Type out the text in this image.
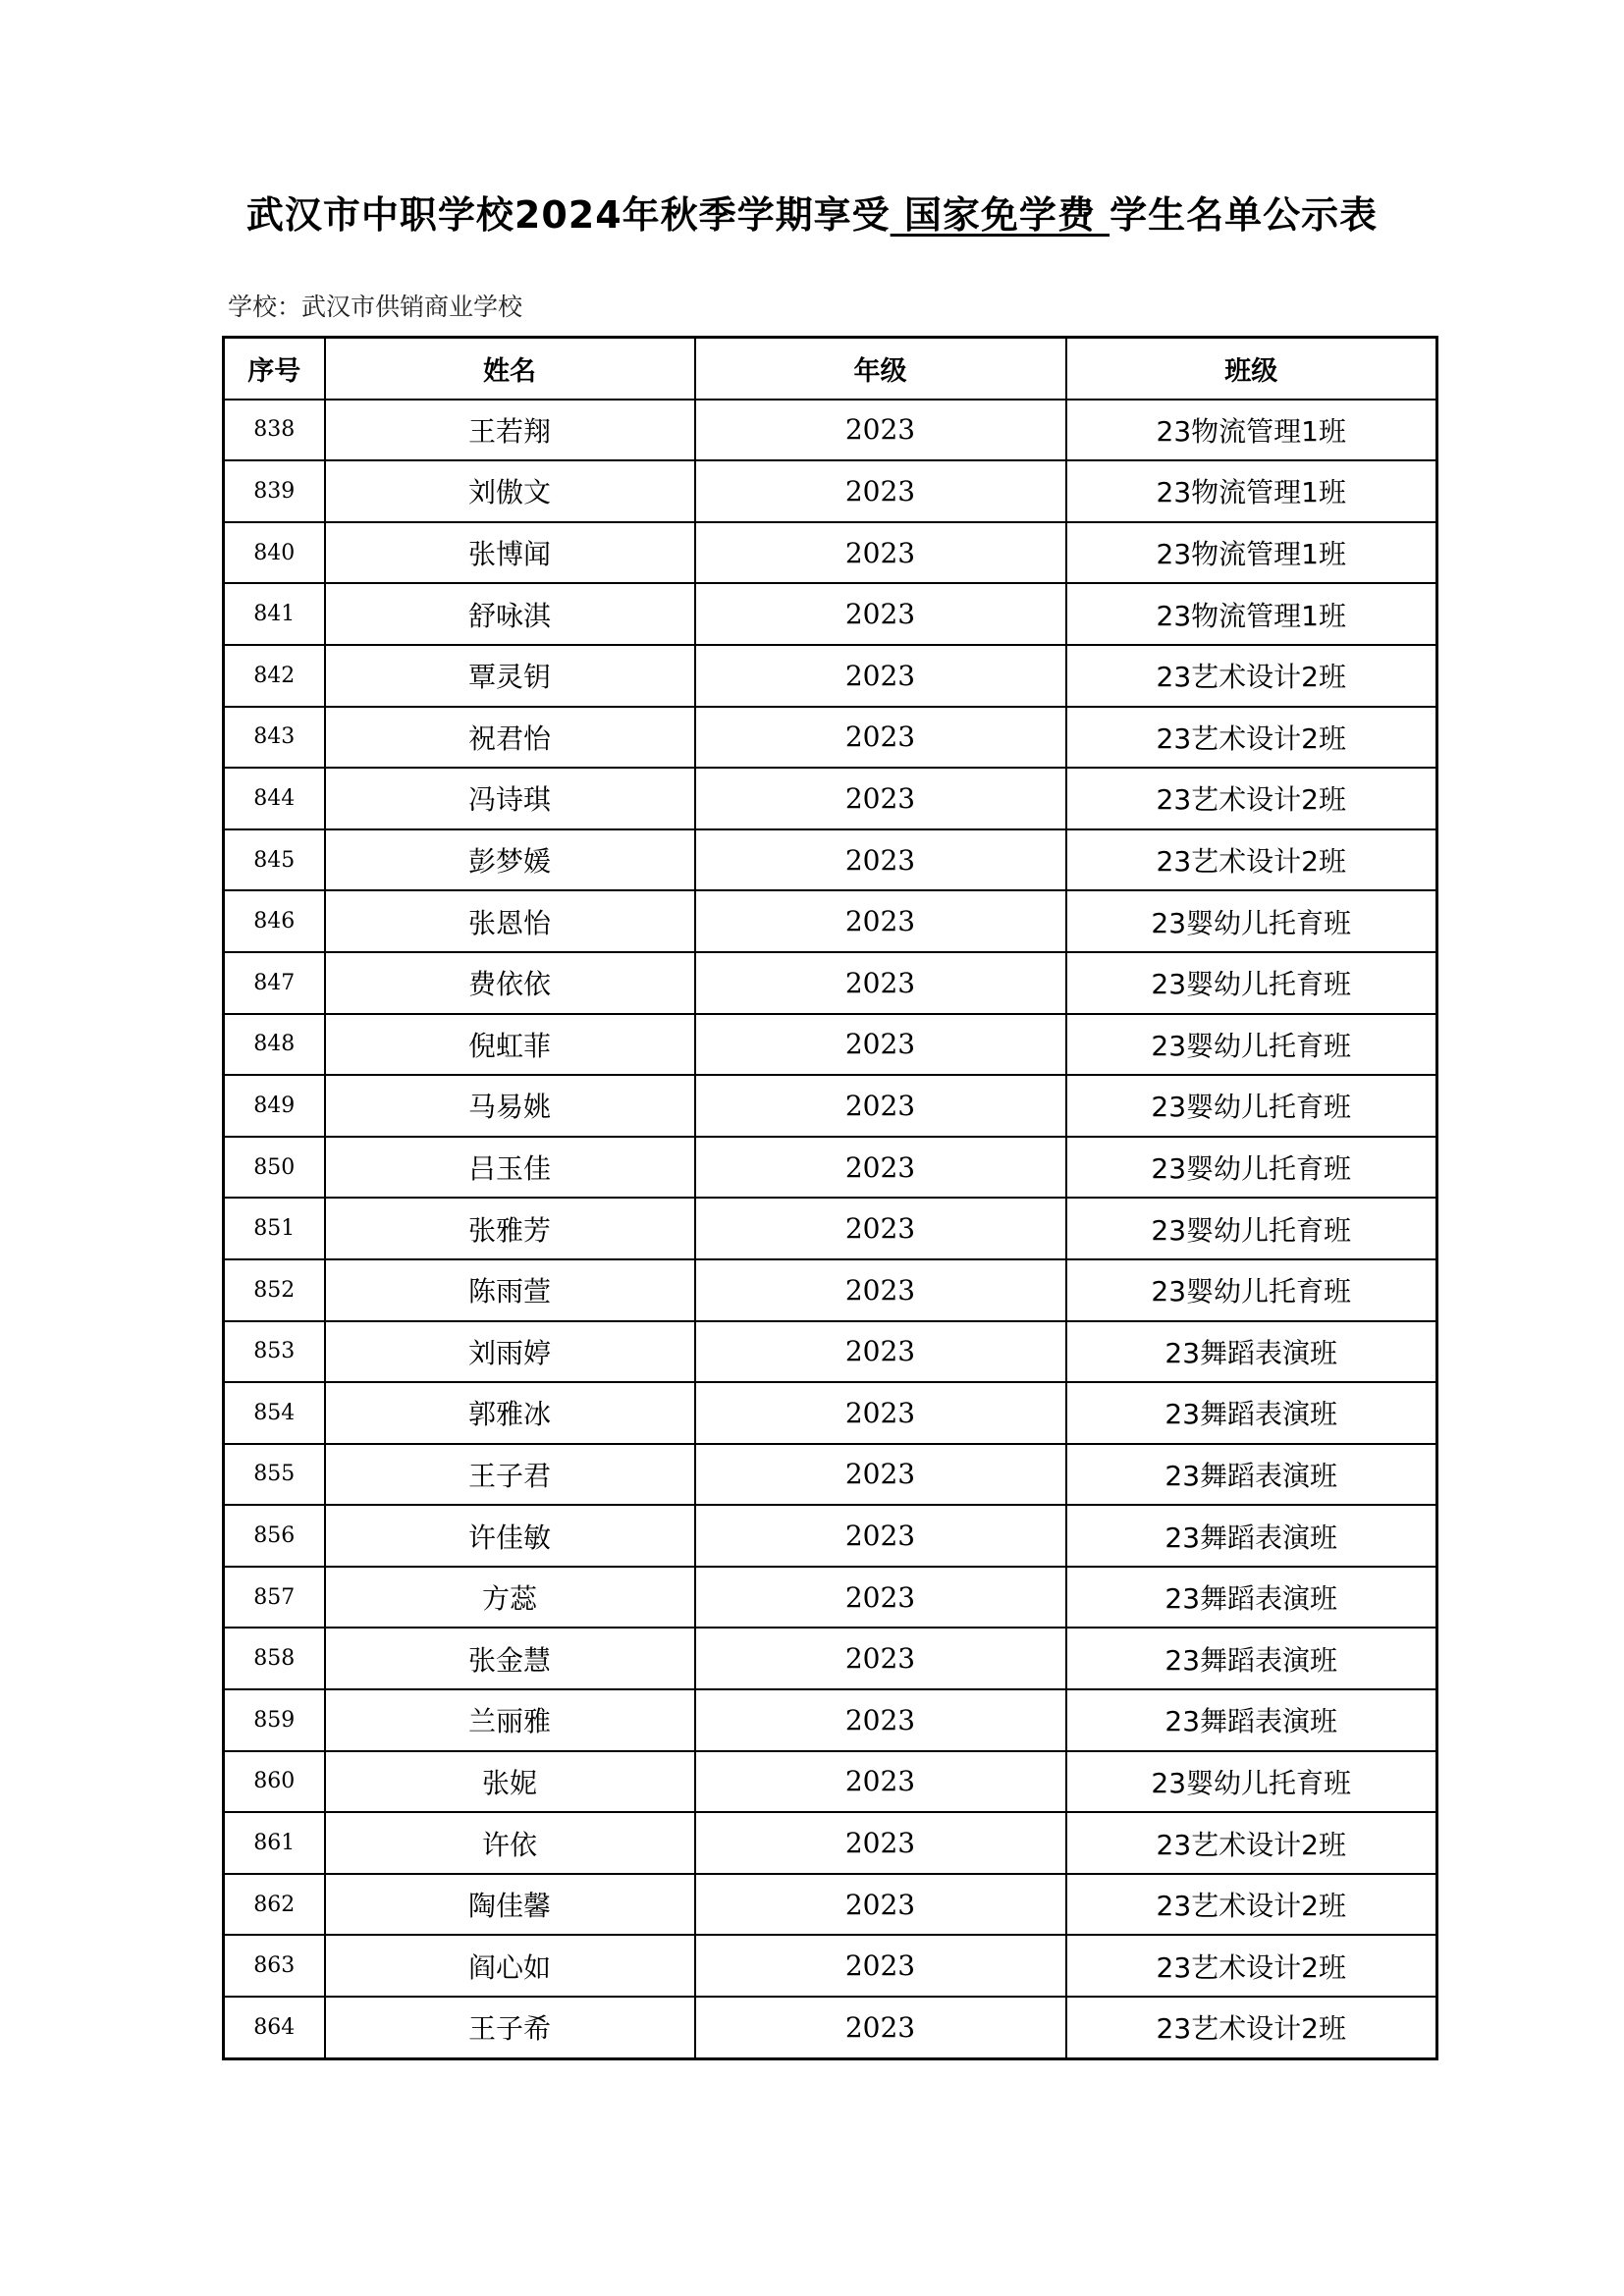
武汉市中职学校2024年秋季学期享受 国家免学费 学生名单公示表
学校：武汉市供销商业学校
序号	姓名	年级	班级
838	王若翔	2023	23物流管理1班
839	刘傲文	2023	23物流管理1班
840	张博闻	2023	23物流管理1班
841	舒咏淇	2023	23物流管理1班
842	覃灵钥	2023	23艺术设计2班
843	祝君怡	2023	23艺术设计2班
844	冯诗琪	2023	23艺术设计2班
845	彭梦媛	2023	23艺术设计2班
846	张恩怡	2023	23婴幼儿托育班
847	费依依	2023	23婴幼儿托育班
848	倪虹菲	2023	23婴幼儿托育班
849	马易姚	2023	23婴幼儿托育班
850	吕玉佳	2023	23婴幼儿托育班
851	张雅芳	2023	23婴幼儿托育班
852	陈雨萱	2023	23婴幼儿托育班
853	刘雨婷	2023	23舞蹈表演班
854	郭雅冰	2023	23舞蹈表演班
855	王子君	2023	23舞蹈表演班
856	许佳敏	2023	23舞蹈表演班
857	方蕊	2023	23舞蹈表演班
858	张金慧	2023	23舞蹈表演班
859	兰丽雅	2023	23舞蹈表演班
860	张妮	2023	23婴幼儿托育班
861	许依	2023	23艺术设计2班
862	陶佳馨	2023	23艺术设计2班
863	阎心如	2023	23艺术设计2班
864	王子希	2023	23艺术设计2班
